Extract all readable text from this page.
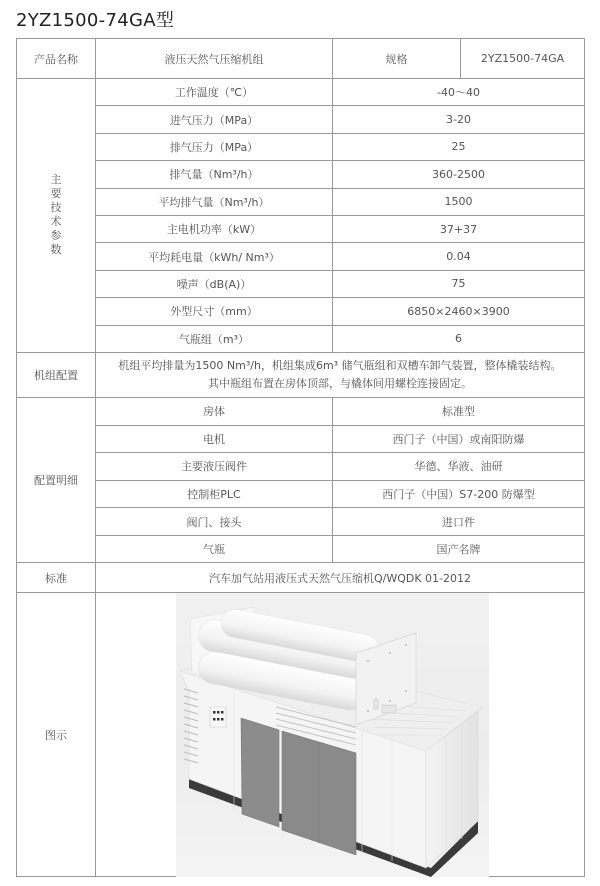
2YZ1500-74GA型
产品名称	液压天然气压缩机组	规格	2YZ1500-74GA
主要技术参数	工作温度（℃）	-40～40	
	进气压力（MPa）	3-20	
	排气压力（MPa）	25	
	排气量（Nm³/h）	360-2500	
	平均排气量（Nm³/h）	1500	
	主电机功率（kW）	37+37	
	平均耗电量（kWh/ Nm³）	0.04	
	噪声（dB(A)）	75	
	外型尺寸（mm）	6850×2460×3900	
	气瓶组（m³）	6	
机组配置	机组平均排量为1500 Nm³/h，机组集成6m³ 储气瓶组和双槽车卸气装置，整体橇装结构。
其中瓶组布置在房体顶部，与橇体间用螺栓连接固定。		

配置明细	房体	标准型	
	电机	西门子（中国）或南阳防爆	
	主要液压阀件	华德、华液、油研	
	控制柜PLC	西门子（中国）S7-200 防爆型	
	阀门、接头	进口件	
	气瓶	国产名牌	
标准	汽车加气站用液压式天然气压缩机Q/WQDK 01-2012		
图示	
